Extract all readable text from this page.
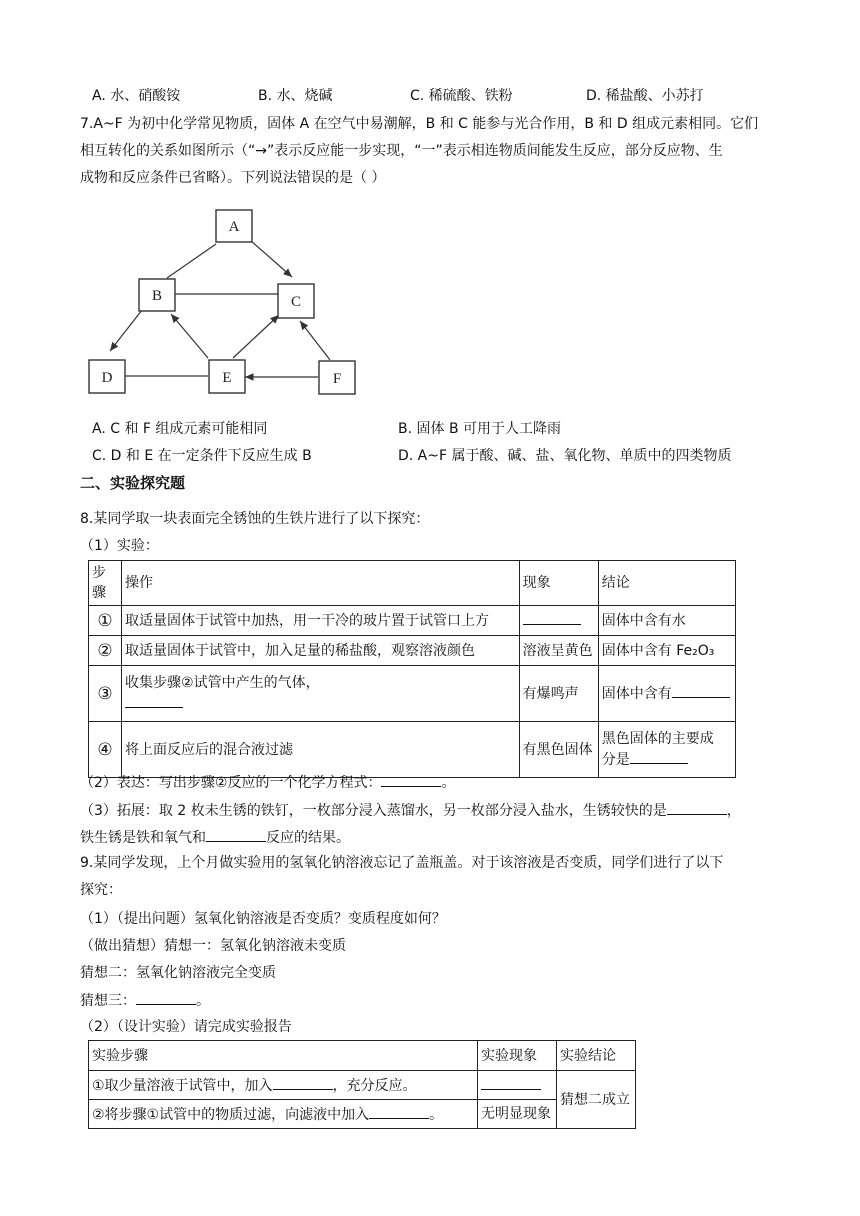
A. 水、硝酸铵	B. 水、烧碱	C. 稀硫酸、铁粉	D. 稀盐酸、小苏打
7.A~F 为初中化学常见物质，固体 A 在空气中易潮解，B 和 C 能参与光合作用，B 和 D 组成元素相同。它们
相互转化的关系如图所示（“→”表示反应能一步实现，“一”表示相连物质间能发生反应，部分反应物、生
成物和反应条件已省略）。下列说法错误的是（ ）
A
B	C
D	E	F
A. C 和 F 组成元素可能相同	B. 固体 B 可用于人工降雨
C. D 和 E 在一定条件下反应生成 B	D. A~F 属于酸、碱、盐、氧化物、单质中的四类物质
二、实验探究题
8.某同学取一块表面完全锈蚀的生铁片进行了以下探究：
（1）实验：
步骤	操作	现象	结论
①	取适量固体于试管中加热，用一干冷的玻片置于试管口上方		固体中含有水
②	取适量固体于试管中，加入足量的稀盐酸，观察溶液颜色	溶液呈黄色	固体中含有 Fe₂O₃
③	收集步骤②试管中产生的气体，	有爆鸣声	固体中含有
④	将上面反应后的混合液过滤	有黑色固体	黑色固体的主要成
分是
（2）表达：写出步骤②反应的一个化学方程式：	。
（3）拓展：取 2 枚未生锈的铁钉，一枚部分浸入蒸馏水，另一枚部分浸入盐水，生锈较快的是	，
铁生锈是铁和氧气和	反应的结果。
9.某同学发现，上个月做实验用的氢氧化钠溶液忘记了盖瓶盖。对于该溶液是否变质，同学们进行了以下
探究：
（1）（提出问题）氢氧化钠溶液是否变质？变质程度如何？
（做出猜想）猜想一：氢氧化钠溶液未变质
猜想二：氢氧化钠溶液完全变质
猜想三：	。
（2）（设计实验）请完成实验报告
实验步骤	实验现象	实验结论
①取少量溶液于试管中，加入 ，充分反应。		猜想二成立
②将步骤①试管中的物质过滤，向滤液中加入 。	无明显现象	
